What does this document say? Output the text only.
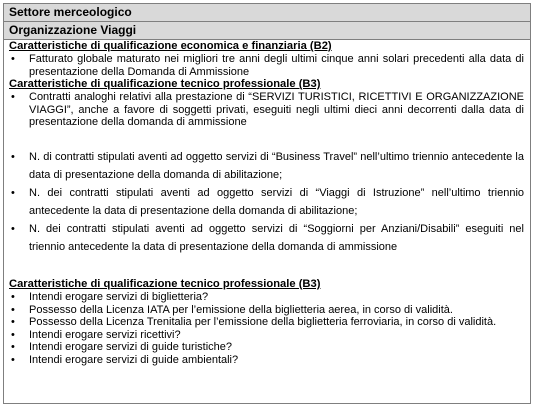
Settore merceologico
Organizzazione Viaggi
Caratteristiche di qualificazione economica e finanziaria (B2)
•	Fatturato globale maturato nei migliori tre anni degli ultimi cinque anni solari precedenti alla data di presentazione della Domanda di Ammissione
Caratteristiche di qualificazione tecnico professionale (B3)
•	Contratti analoghi relativi alla prestazione di “SERVIZI TURISTICI, RICETTIVI E ORGANIZZAZIONE VIAGGI”, anche a favore di soggetti privati, eseguiti negli ultimi dieci anni decorrenti dalla data di presentazione della domanda di ammissione
•	N. di contratti stipulati aventi ad oggetto servizi di “Business Travel” nell’ultimo triennio antecedente la data di presentazione della domanda di abilitazione;
•	N. dei contratti stipulati aventi ad oggetto servizi di “Viaggi di Istruzione” nell’ultimo triennio antecedente la data di presentazione della domanda di abilitazione;
•	N. dei contratti stipulati aventi ad oggetto servizi di “Soggiorni per Anziani/Disabili” eseguiti nel triennio antecedente la data di presentazione della domanda di ammissione
Caratteristiche di qualificazione tecnico professionale (B3)
•	Intendi erogare servizi di biglietteria?
•	Possesso della Licenza IATA per l’emissione della biglietteria aerea, in corso di validità.
•	Possesso della Licenza Trenitalia per l’emissione della biglietteria ferroviaria, in corso di validità.
•	Intendi erogare servizi ricettivi?
•	Intendi erogare servizi di guide turistiche?
•	Intendi erogare servizi di guide ambientali?
